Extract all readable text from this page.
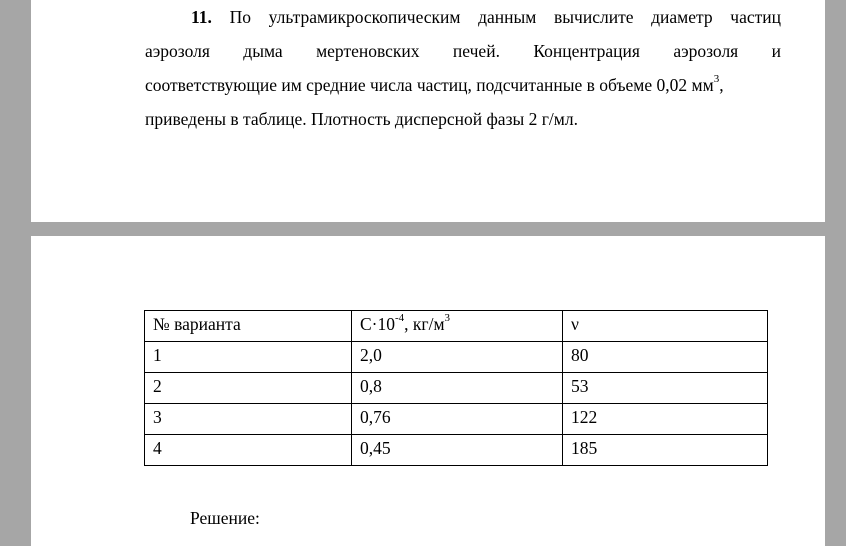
11. По ультрамикроскопическим данным вычислите диаметр частиц
аэрозоля дыма мертеновских печей. Концентрация аэрозоля и
соответствующие им средние числа частиц, подсчитанные в объеме 0,02 $мм^3$,
приведены в таблице. Плотность дисперсной фазы 2 г/мл.
№ варианта	$С\cdot 10^{-4}$, $кг/м^3$	ν
1	2,0	80
2	0,8	53
3	0,76	122
4	0,45	185
Решение:
